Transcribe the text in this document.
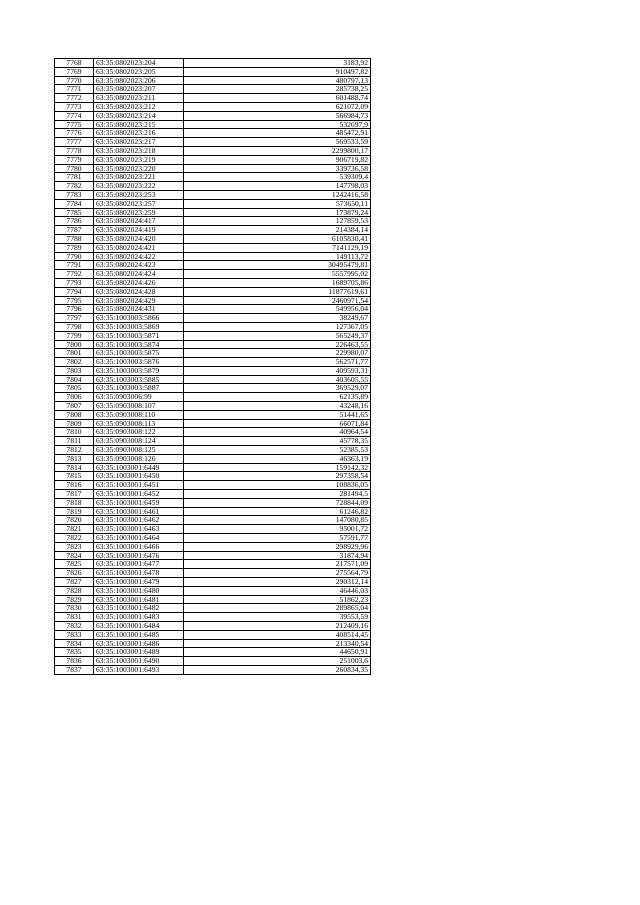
7768	63:35:0802023:204	3183,92
7769	63:35:0802023:205	910497,82
7770	63:35:0802023:206	480797,13
7771	63:35:0802023:207	285738,25
7772	63:35:0802023:211	601488,74
7773	63:35:0802023:212	621072,09
7774	63:35:0802023:214	566984,73
7775	63:35:0802023:215	532697,9
7776	63:35:0802023:216	485472,91
7777	63:35:0802023:217	569533,59
7778	63:35:0802023:218	2299800,17
7779	63:35:0802023:219	906719,82
7780	63:35:0802023:220	339736,58
7781	63:35:0802023:221	539309,4
7782	63:35:0802023:222	147798,03
7783	63:35:0802023:253	1242416,58
7784	63:35:0802023:257	573650,11
7785	63:35:0802023:259	173879,24
7786	63:35:0802024:417	127859,53
7787	63:35:0802024:419	214384,14
7788	63:35:0802024:420	6105830,41
7789	63:35:0802024:421	7141129,19
7790	63:35:0802024:422	149113,72
7791	63:35:0802024:423	30495479,81
7792	63:35:0802024:424	5557995,02
7793	63:35:0802024:426	1689705,86
7794	63:35:0802024:428	11877619,61
7795	63:35:0802024:429	2460971,54
7796	63:35:0802024:431	549956,04
7797	63:35:1003003:5866	38249,67
7798	63:35:1003003:5869	127367,05
7799	63:35:1003003:5871	565249,37
7800	63:35:1003003:5874	226463,55
7801	63:35:1003003:5875	229980,07
7802	63:35:1003003:5876	562571,77
7803	63:35:1003003:5879	409593,31
7804	63:35:1003003:5885	403605,55
7805	63:35:1003003:5887	369529,07
7806	63:35:0903006:99	62135,89
7807	63:35:0903008:107	43248,16
7808	63:35:0903008:110	51441,65
7809	63:35:0903008:113	66071,84
7810	63:35:0903008:122	40964,54
7811	63:35:0903008:124	45778,35
7812	63:35:0903008:125	52385,53
7813	63:35:0903008:126	46363,19
7814	63:35:1003001:6449	159142,32
7815	63:35:1003001:6450	297358,54
7816	63:35:1003001:6451	108836,05
7817	63:35:1003001:6452	281494,5
7818	63:35:1003001:6459	728844,09
7819	63:35:1003001:6461	61246,82
7820	63:35:1003001:6462	147080,85
7821	63:35:1003001:6463	95001,72
7822	63:35:1003001:6464	57591,77
7823	63:35:1003001:6466	298929,96
7824	63:35:1003001:6476	31874,94
7825	63:35:1003001:6477	217571,09
7826	63:35:1003001:6478	275564,79
7827	63:35:1003001:6479	290312,14
7828	63:35:1003001:6480	46446,03
7829	63:35:1003001:6481	51862,23
7830	63:35:1003001:6482	289865,04
7831	63:35:1003001:6483	39553,59
7832	63:35:1003001:6484	212409,16
7833	63:35:1003001:6485	408514,45
7834	63:35:1003001:6486	213340,54
7835	63:35:1003001:6489	44650,91
7836	63:35:1003001:6490	251003,6
7837	63:35:1003001:6493	260834,35
